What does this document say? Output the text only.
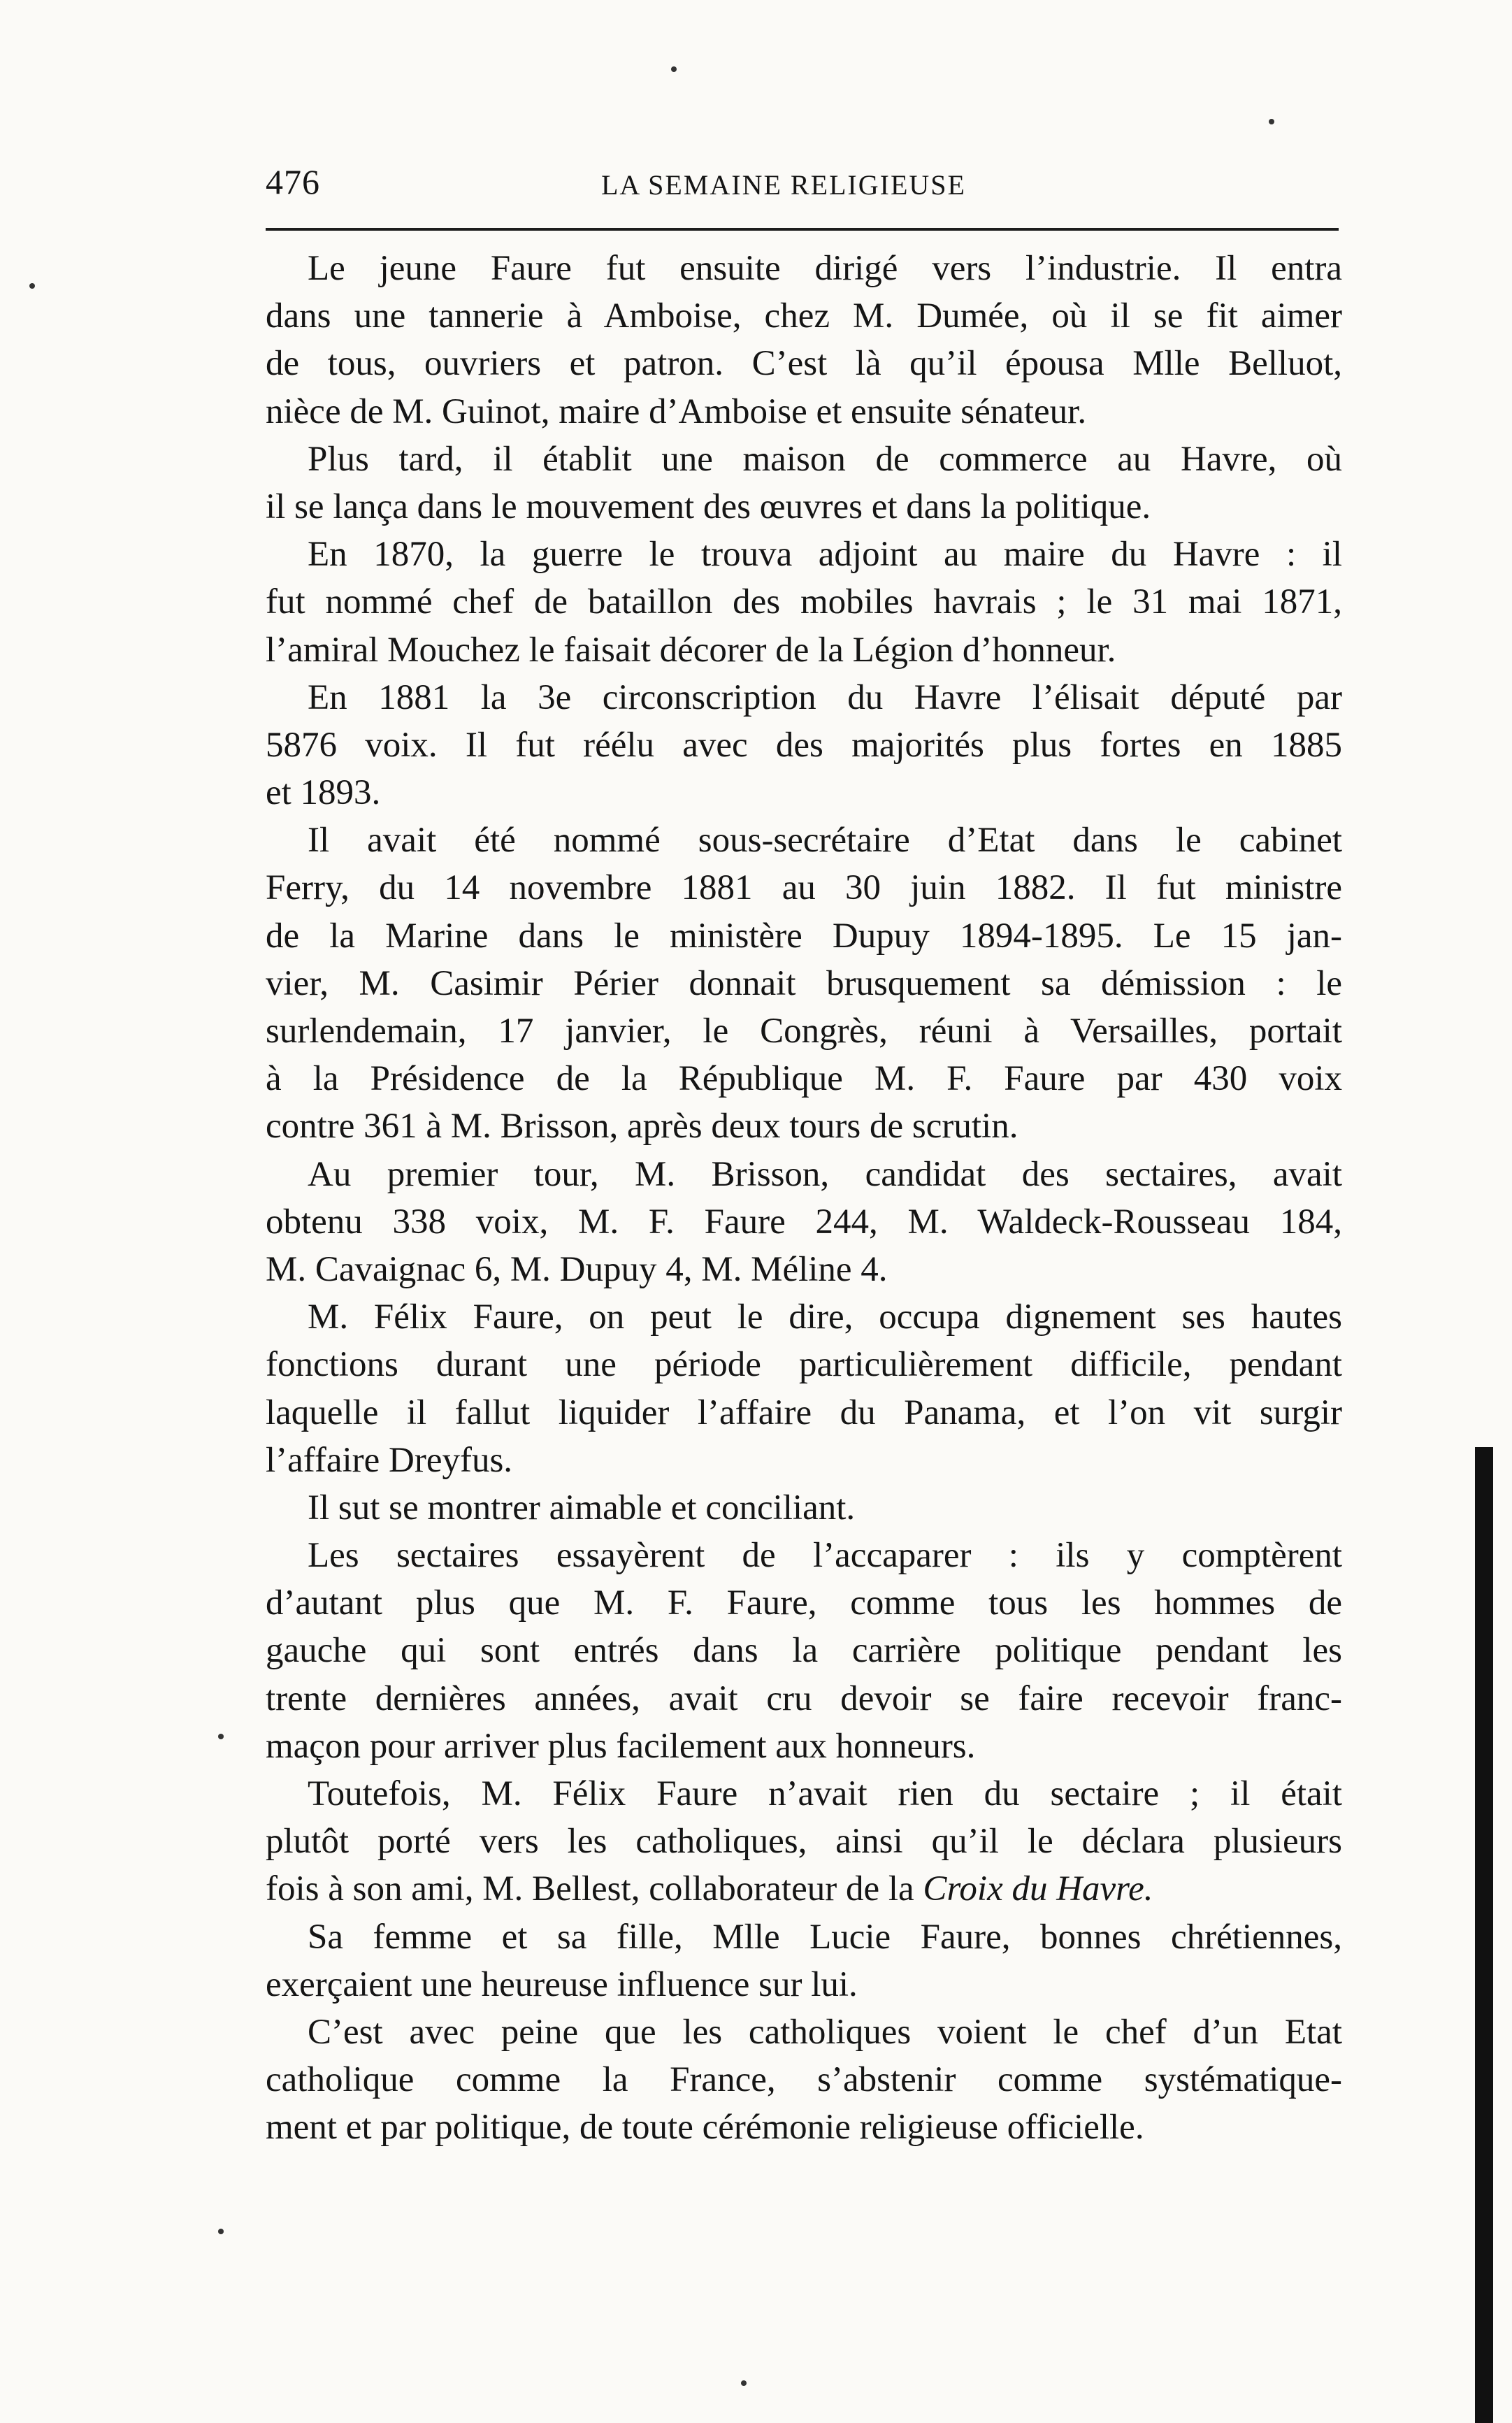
476	LA SEMAINE RELIGIEUSE
Le jeune Faure fut ensuite dirigé vers l’industrie. Il entra
dans une tannerie à Amboise, chez M. Dumée, où il se fit aimer
de tous, ouvriers et patron. C’est là qu’il épousa Mlle Belluot,
nièce de M. Guinot, maire d’Amboise et ensuite sénateur.
Plus tard, il établit une maison de commerce au Havre, où
il se lança dans le mouvement des œuvres et dans la politique.
En 1870, la guerre le trouva adjoint au maire du Havre : il
fut nommé chef de bataillon des mobiles havrais ; le 31 mai 1871,
l’amiral Mouchez le faisait décorer de la Légion d’honneur.
En 1881 la 3e circonscription du Havre l’élisait député par
5876 voix. Il fut réélu avec des majorités plus fortes en 1885
et 1893.
Il avait été nommé sous-secrétaire d’Etat dans le cabinet
Ferry, du 14 novembre 1881 au 30 juin 1882. Il fut ministre
de la Marine dans le ministère Dupuy 1894-1895. Le 15 jan-
vier, M. Casimir Périer donnait brusquement sa démission : le
surlendemain, 17 janvier, le Congrès, réuni à Versailles, portait
à la Présidence de la République M. F. Faure par 430 voix
contre 361 à M. Brisson, après deux tours de scrutin.
Au premier tour, M. Brisson, candidat des sectaires, avait
obtenu 338 voix, M. F. Faure 244, M. Waldeck-Rousseau 184,
M. Cavaignac 6, M. Dupuy 4, M. Méline 4.
M. Félix Faure, on peut le dire, occupa dignement ses hautes
fonctions durant une période particulièrement difficile, pendant
laquelle il fallut liquider l’affaire du Panama, et l’on vit surgir
l’affaire Dreyfus.
Il sut se montrer aimable et conciliant.
Les sectaires essayèrent de l’accaparer : ils y comptèrent
d’autant plus que M. F. Faure, comme tous les hommes de
gauche qui sont entrés dans la carrière politique pendant les
trente dernières années, avait cru devoir se faire recevoir franc-
maçon pour arriver plus facilement aux honneurs.
Toutefois, M. Félix Faure n’avait rien du sectaire ; il était
plutôt porté vers les catholiques, ainsi qu’il le déclara plusieurs
fois à son ami, M. Bellest, collaborateur de la Croix du Havre.
Sa femme et sa fille, Mlle Lucie Faure, bonnes chrétiennes,
exerçaient une heureuse influence sur lui.
C’est avec peine que les catholiques voient le chef d’un Etat
catholique comme la France, s’abstenir comme systématique-
ment et par politique, de toute cérémonie religieuse officielle.
